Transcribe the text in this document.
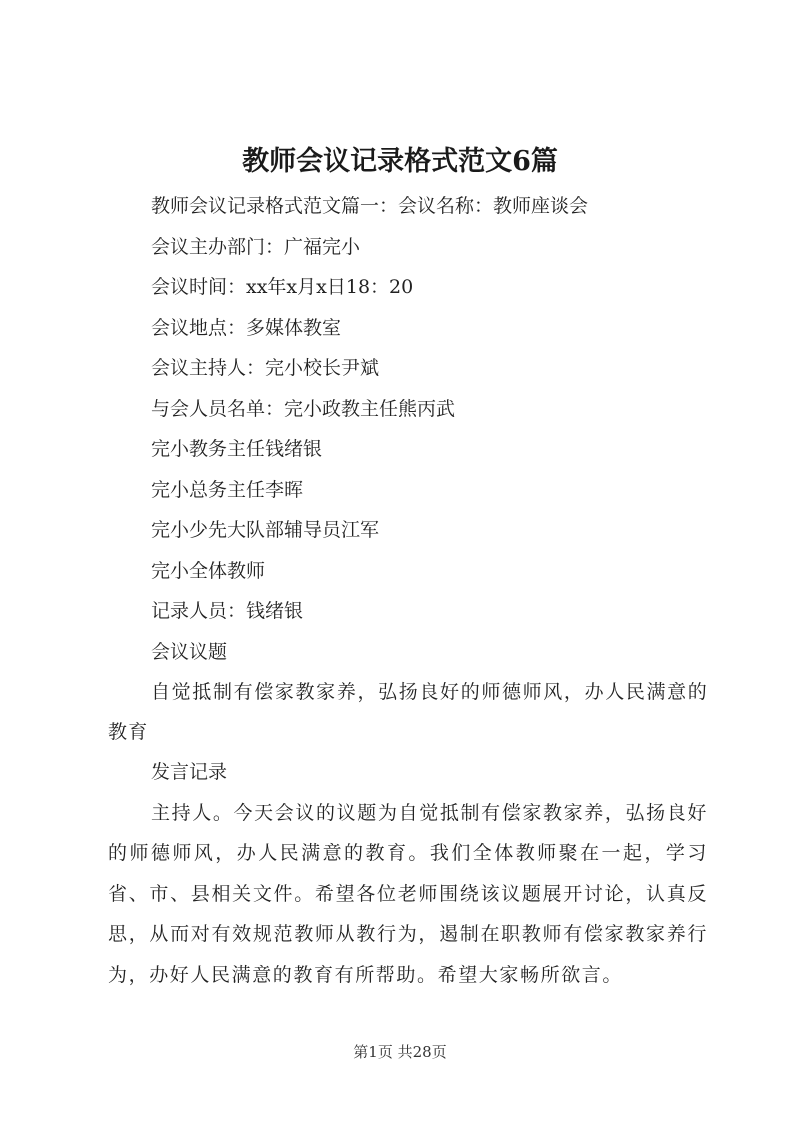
教师会议记录格式范文6篇

教师会议记录格式范文篇一：会议名称：教师座谈会

会议主办部门：广福完小

会议时间：xx年x月x日18：20

会议地点：多媒体教室

会议主持人：完小校长尹斌

与会人员名单：完小政教主任熊丙武

完小教务主任钱绪银

完小总务主任李晖

完小少先大队部辅导员江军

完小全体教师

记录人员：钱绪银

会议议题

自觉抵制有偿家教家养，弘扬良好的师德师风，办人民满意的教育

发言记录

主持人。今天会议的议题为自觉抵制有偿家教家养，弘扬良好的师德师风，办人民满意的教育。我们全体教师聚在一起，学习省、市、县相关文件。希望各位老师围绕该议题展开讨论，认真反思，从而对有效规范教师从教行为，遏制在职教师有偿家教家养行为，办好人民满意的教育有所帮助。希望大家畅所欲言。

第1页 共28页
